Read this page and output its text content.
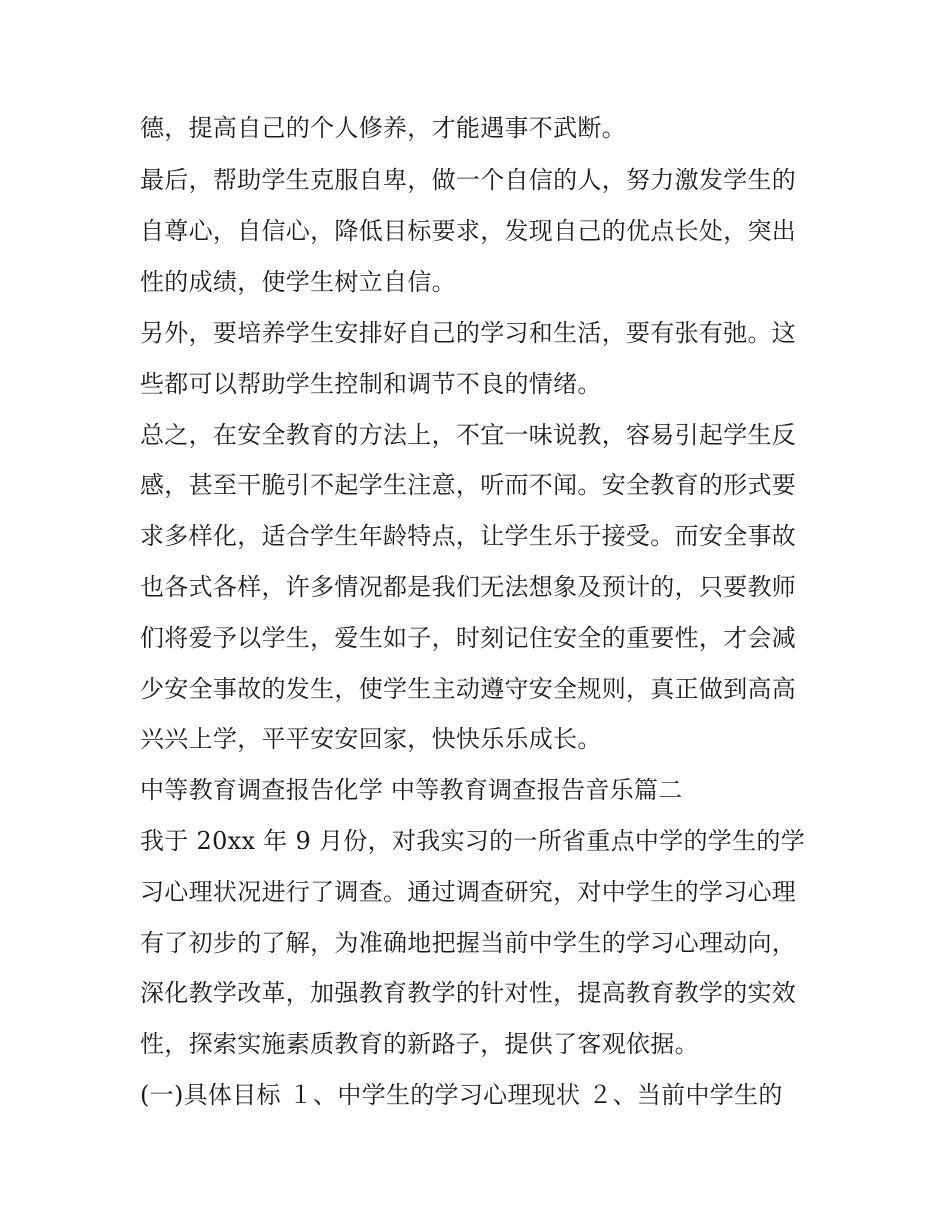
德，提高自己的个人修养，才能遇事不武断。
最后，帮助学生克服自卑，做一个自信的人，努力激发学生的
自尊心，自信心，降低目标要求，发现自己的优点长处，突出
性的成绩，使学生树立自信。
另外，要培养学生安排好自己的学习和生活，要有张有弛。这
些都可以帮助学生控制和调节不良的情绪。
总之，在安全教育的方法上，不宜一味说教，容易引起学生反
感，甚至干脆引不起学生注意，听而不闻。安全教育的形式要
求多样化，适合学生年龄特点，让学生乐于接受。而安全事故
也各式各样，许多情况都是我们无法想象及预计的，只要教师
们将爱予以学生，爱生如子，时刻记住安全的重要性，才会减
少安全事故的发生，使学生主动遵守安全规则，真正做到高高
兴兴上学，平平安安回家，快快乐乐成长。
中等教育调查报告化学 中等教育调查报告音乐篇二
我于 20xx 年 9 月份，对我实习的一所省重点中学的学生的学
习心理状况进行了调查。通过调查研究，对中学生的学习心理
有了初步的了解，为准确地把握当前中学生的学习心理动向，
深化教学改革，加强教育教学的针对性，提高教育教学的实效
性，探索实施素质教育的新路子，提供了客观依据。
(一)具体目标 １、中学生的学习心理现状 ２、当前中学生的
